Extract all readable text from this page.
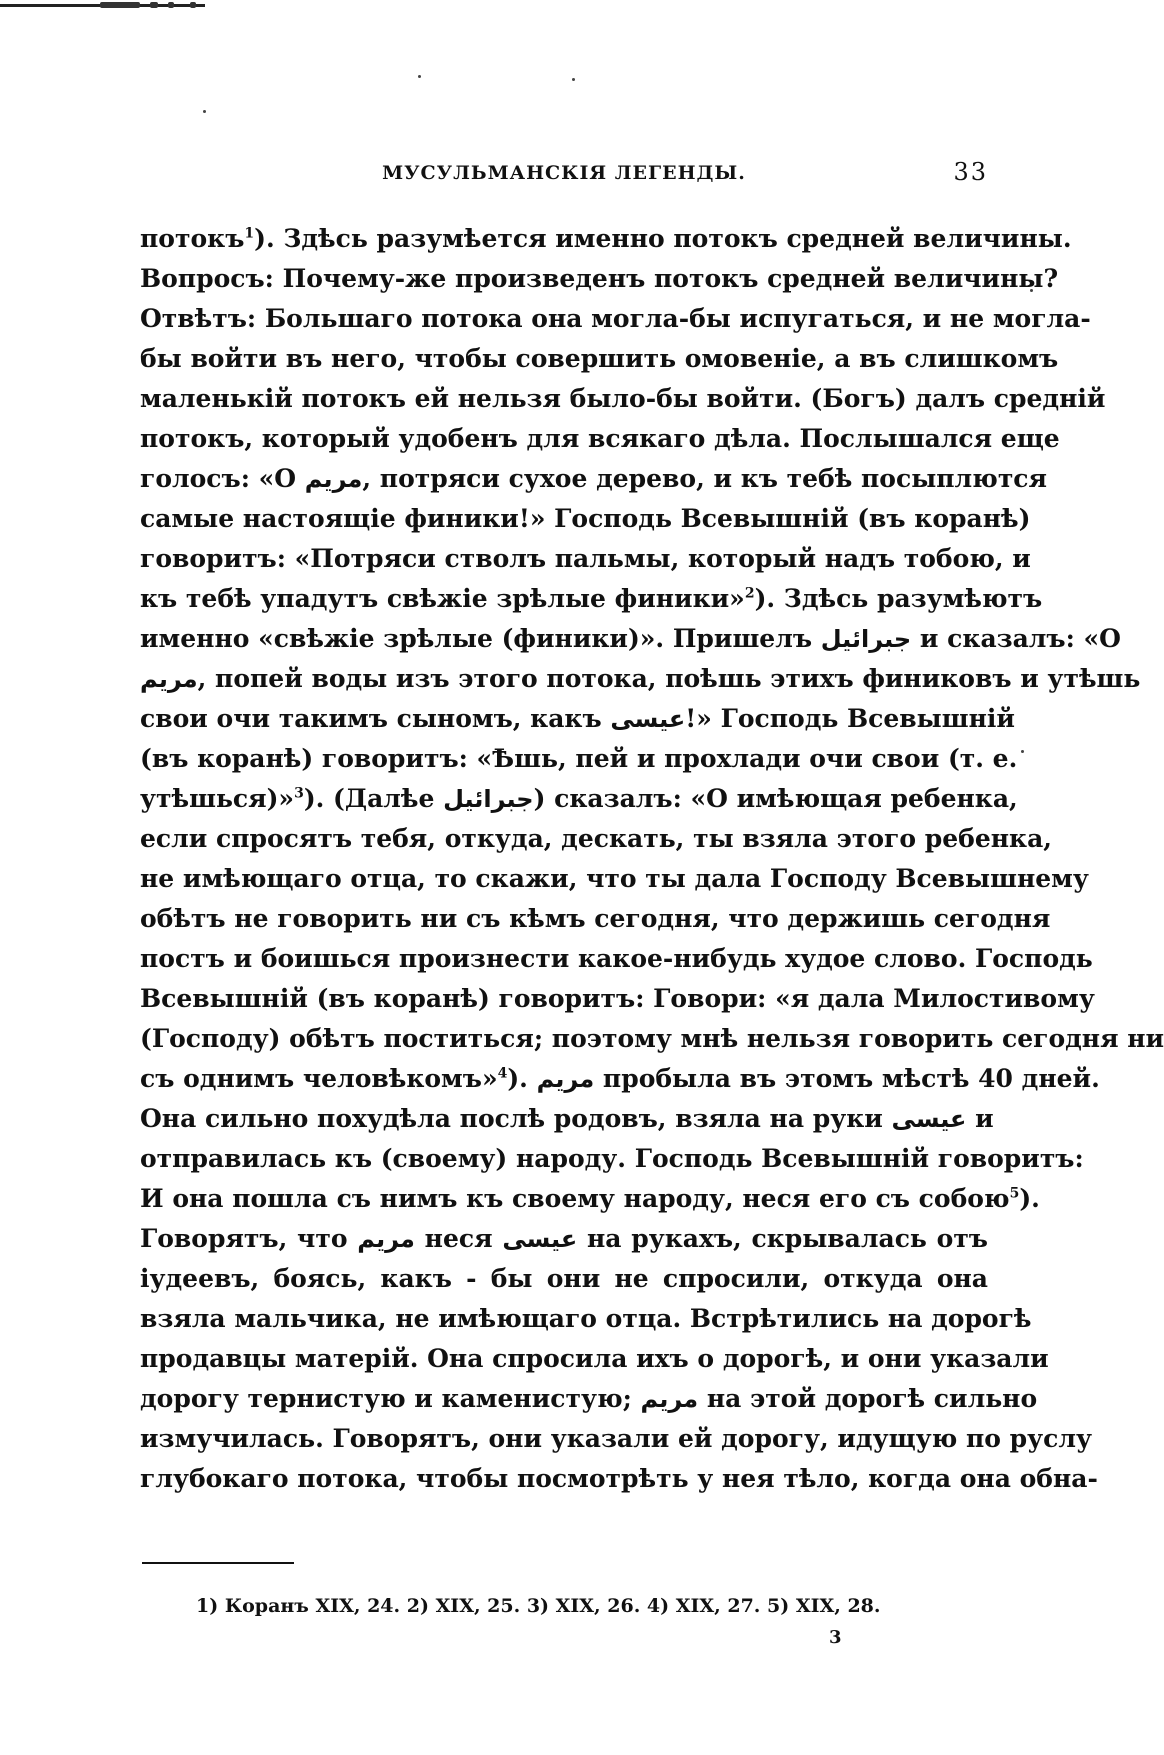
МУСУЛЬМАНСКІЯ ЛЕГЕНДЫ.	33
потокъ$^1$). Здѣсь разумѣется именно потокъ средней величины.
Вопросъ: Почему-же произведенъ потокъ средней величины?
Отвѣтъ: Большаго потока она могла-бы испугаться, и не могла-
бы войти въ него, чтобы совершить омовеніе, а въ слишкомъ
маленькій потокъ ей нельзя было-бы войти. (Богъ) далъ средній
потокъ, который удобенъ для всякаго дѣла. Послышался еще
голосъ: «О مريم, потряси сухое дерево, и къ тебѣ посыплются
самые настоящіе финики!» Господь Всевышній (въ коранѣ)
говоритъ: «Потряси стволъ пальмы, который надъ тобою, и
къ тебѣ упадутъ свѣжіе зрѣлые финики»$^2$). Здѣсь разумѣютъ
именно «свѣжіе зрѣлые (финики)». Пришелъ جبرائيل и сказалъ: «О
مريم, попей воды изъ этого потока, поѣшь этихъ финиковъ и утѣшь
свои очи такимъ сыномъ, какъ عيسى!» Господь Всевышній
(въ коранѣ) говоритъ: «Ѣшь, пей и прохлади очи свои (т. е.
утѣшься)»$^3$). (Далѣе جبرائيل) сказалъ: «О имѣющая ребенка,
если спросятъ тебя, откуда, дескать, ты взяла этого ребенка,
не имѣющаго отца, то скажи, что ты дала Господу Всевышнему
обѣтъ не говорить ни съ кѣмъ сегодня, что держишь сегодня
постъ и боишься произнести какое-нибудь худое слово. Господь
Всевышній (въ коранѣ) говоритъ: Говори: «я дала Милостивому
(Господу) обѣтъ поститься; поэтому мнѣ нельзя говорить сегодня ни
съ однимъ человѣкомъ»$^4$). مريم пробыла въ этомъ мѣстѣ 40 дней.
Она сильно похудѣла послѣ родовъ, взяла на руки عيسى и
отправилась къ (своему) народу. Господь Всевышній говоритъ:
И она пошла съ нимъ къ своему народу, неся его съ собою$^5$).
Говорятъ, что مريم неся عيسى на рукахъ, скрывалась отъ
іудеевъ, боясь, какъ - бы они не спросили, откуда она
взяла мальчика, не имѣющаго отца. Встрѣтились на дорогѣ
продавцы матерій. Она спросила ихъ о дорогѣ, и они указали
дорогу тернистую и каменистую; مريم на этой дорогѣ сильно
измучилась. Говорятъ, они указали ей дорогу, идущую по руслу
глубокаго потока, чтобы посмотрѣть у нея тѣло, когда она обна-
1) Коранъ XIX, 24. 2) XIX, 25. 3) XIX, 26. 4) XIX, 27. 5) XIX, 28.
3
